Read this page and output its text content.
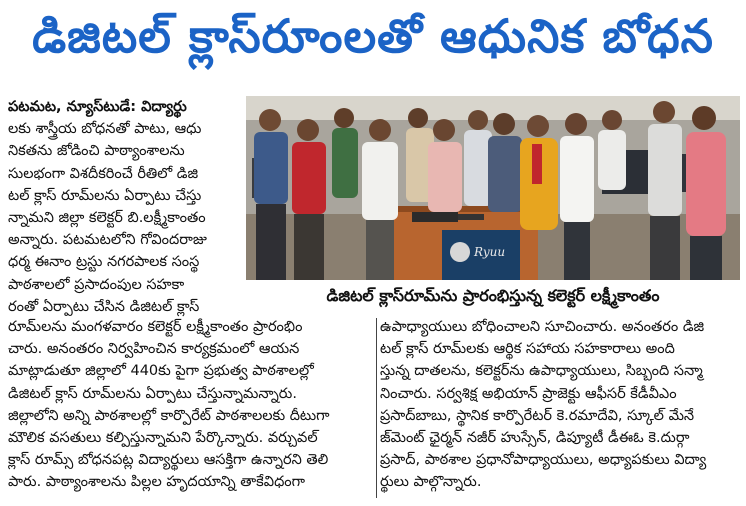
డిజిటల్ క్లాస్‌రూంలతో ఆధునిక బోధన
పటమట, న్యూస్‌టుడే: విద్యార్థు
లకు శాస్త్రీయ బోధనతో పాటు, ఆధు
నికతను జోడించి పాఠ్యాంశాలను
సులభంగా విశదీకరించే రీతిలో డిజి
టల్ క్లాస్ రూమ్‌లను ఏర్పాటు చేస్తు
న్నామని జిల్లా కలెక్టర్ బి.లక్ష్మీకాంతం
అన్నారు. పటమటలోని గోవిందరాజు
ధర్మ ఈనాం ట్రస్టు నగరపాలక సంస్థ
పాఠశాలలో ప్రసాదంపుల సహకా
రంతో ఏర్పాటు చేసిన డిజిటల్ క్లాస్
Ryuu
డిజిటల్ క్లాస్‌రూమ్‌ను ప్రారంభిస్తున్న కలెక్టర్ లక్ష్మీకాంతం
రూమ్‌లను మంగళవారం కలెక్టర్ లక్ష్మీకాంతం ప్రారంభిం
చారు. అనంతరం నిర్వహించిన కార్యక్రమంలో ఆయన
మాట్లాడుతూ జిల్లాలో 440కు పైగా ప్రభుత్వ పాఠశాలల్లో
డిజిటల్ క్లాస్ రూమ్‌లను ఏర్పాటు చేస్తున్నామన్నారు.
జిల్లాలోని అన్ని పాఠశాలల్లో కార్పొరేట్ పాఠశాలలకు దీటుగా
మౌలిక వసతులు కల్పిస్తున్నామని పేర్కొన్నారు. వర్చువల్
క్లాస్ రూమ్స్ బోధనపట్ల విద్యార్థులు ఆసక్తిగా ఉన్నారని తెలి
పారు. పాఠ్యాంశాలను పిల్లల హృదయాన్ని తాకేవిధంగా
ఉపాధ్యాయులు బోధించాలని సూచించారు. అనంతరం డిజి
టల్ క్లాస్ రూమ్‌లకు ఆర్థిక సహాయ సహకారాలు అంది
స్తున్న దాతలను, కలెక్టర్‌ను ఉపాధ్యాయులు, సిబ్బంది సన్మా
నించారు. సర్వశిక్ష అభియాన్ ప్రాజెక్టు ఆఫీసర్ కేడీవీఎం
ప్రసాద్‌బాబు, స్థానిక కార్పొరేటర్ కె.రమాదేవి, స్కూల్ మేనే
జ్‌మెంట్ ఛైర్మన్ నజీర్ హుస్సేన్, డిప్యూటీ డీఈఓ కె.దుర్గా
ప్రసాద్, పాఠశాల ప్రధానోపాధ్యాయులు, అధ్యాపకులు విద్యా
ర్థులు పాల్గొన్నారు.
